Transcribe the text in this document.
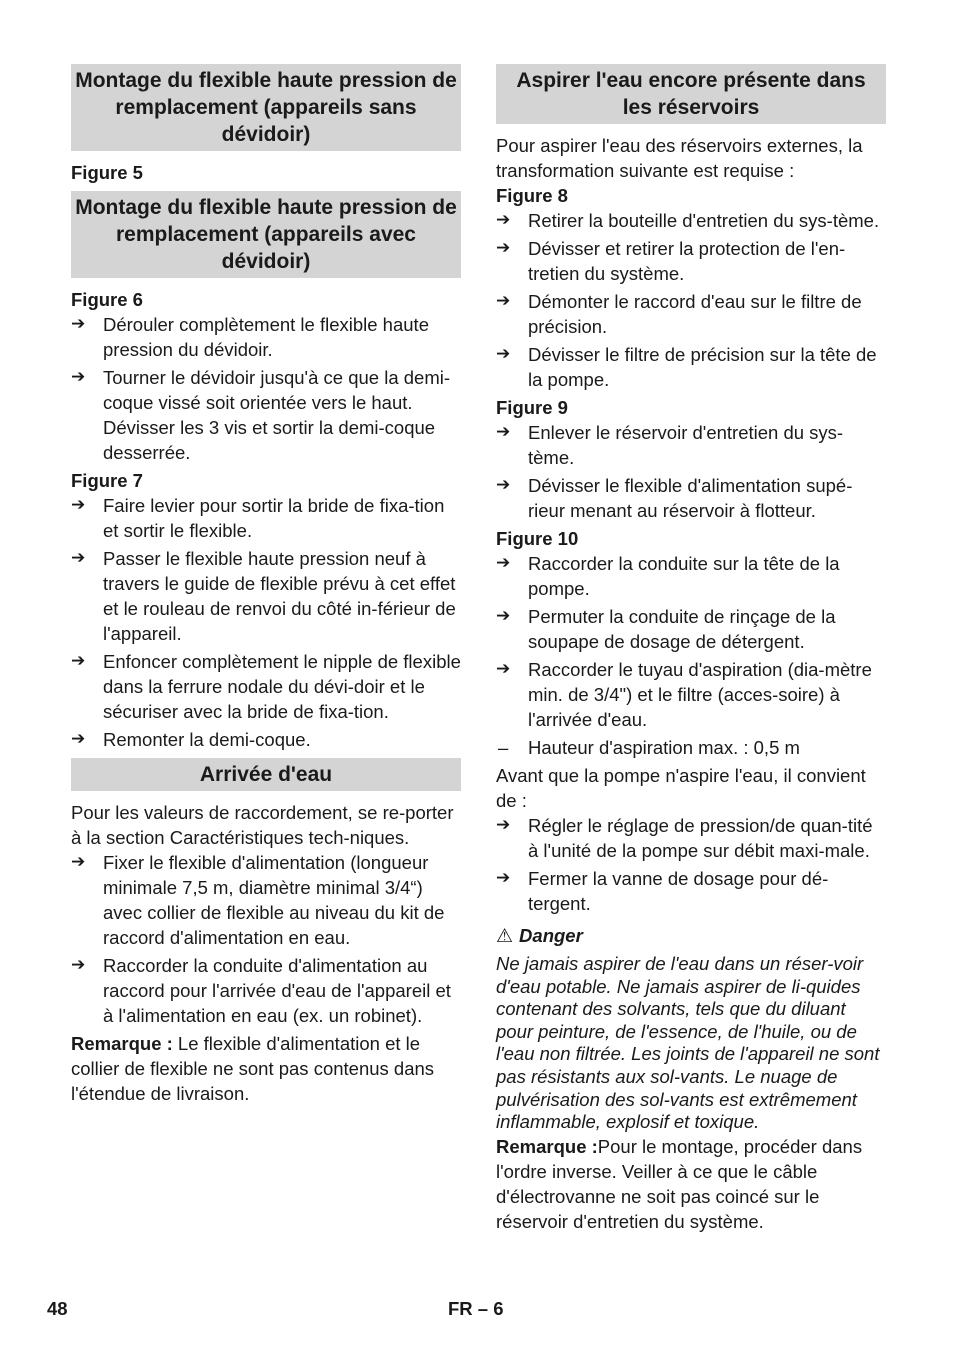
Montage du flexible haute pression de remplacement (appareils sans dévidoir)
Figure 5
Montage du flexible haute pression de remplacement (appareils avec dévidoir)
Figure 6
➔ Dérouler complètement le flexible haute pression du dévidoir.
➔ Tourner le dévidoir jusqu'à ce que la demi-coque vissé soit orientée vers le haut. Dévisser les 3 vis et sortir la demi-coque desserrée.
Figure 7
➔ Faire levier pour sortir la bride de fixa-tion et sortir le flexible.
➔ Passer le flexible haute pression neuf à travers le guide de flexible prévu à cet effet et le rouleau de renvoi du côté in-férieur de l'appareil.
➔ Enfoncer complètement le nipple de flexible dans la ferrure nodale du dévi-doir et le sécuriser avec la bride de fixa-tion.
➔ Remonter la demi-coque.
Arrivée d'eau

Pour les valeurs de raccordement, se re-porter à la section Caractéristiques tech-niques.

➔ Fixer le flexible d'alimentation (longueur minimale 7,5 m, diamètre minimal 3/4“) avec collier de flexible au niveau du kit de raccord d'alimentation en eau.
➔ Raccorder la conduite d'alimentation au raccord pour l'arrivée d'eau de l'appareil et à l'alimentation en eau (ex. un robinet).

Remarque : Le flexible d'alimentation et le collier de flexible ne sont pas contenus dans l'étendue de livraison.

Aspirer l'eau encore présente dans les réservoirs

Pour aspirer l'eau des réservoirs externes, la transformation suivante est requise :

Figure 8
➔ Retirer la bouteille d'entretien du sys-tème.
➔ Dévisser et retirer la protection de l'en-tretien du système.
➔ Démonter le raccord d'eau sur le filtre de précision.
➔ Dévisser le filtre de précision sur la tête de la pompe.
Figure 9
➔ Enlever le réservoir d'entretien du sys-tème.
➔ Dévisser le flexible d'alimentation supé-rieur menant au réservoir à flotteur.
Figure 10
➔ Raccorder la conduite sur la tête de la pompe.
➔ Permuter la conduite de rinçage de la soupape de dosage de détergent.
➔ Raccorder le tuyau d'aspiration (dia-mètre min. de 3/4") et le filtre (acces-soire) à l'arrivée d'eau.
– Hauteur d'aspiration max. : 0,5 m

Avant que la pompe n'aspire l'eau, il convient de :

➔ Régler le réglage de pression/de quan-tité à l'unité de la pompe sur débit maxi-male.
➔ Fermer la vanne de dosage pour dé-tergent.
⚠ Danger

Ne jamais aspirer de l'eau dans un réser-voir d'eau potable. Ne jamais aspirer de li-quides contenant des solvants, tels que du diluant pour peinture, de l'essence, de l'huile, ou de l'eau non filtrée. Les joints de l'appareil ne sont pas résistants aux sol-vants. Le nuage de pulvérisation des sol-vants est extrêmement inflammable, explosif et toxique.

Remarque :Pour le montage, procéder dans l'ordre inverse. Veiller à ce que le câble d'électrovanne ne soit pas coincé sur le réservoir d'entretien du système.

48	FR – 6
